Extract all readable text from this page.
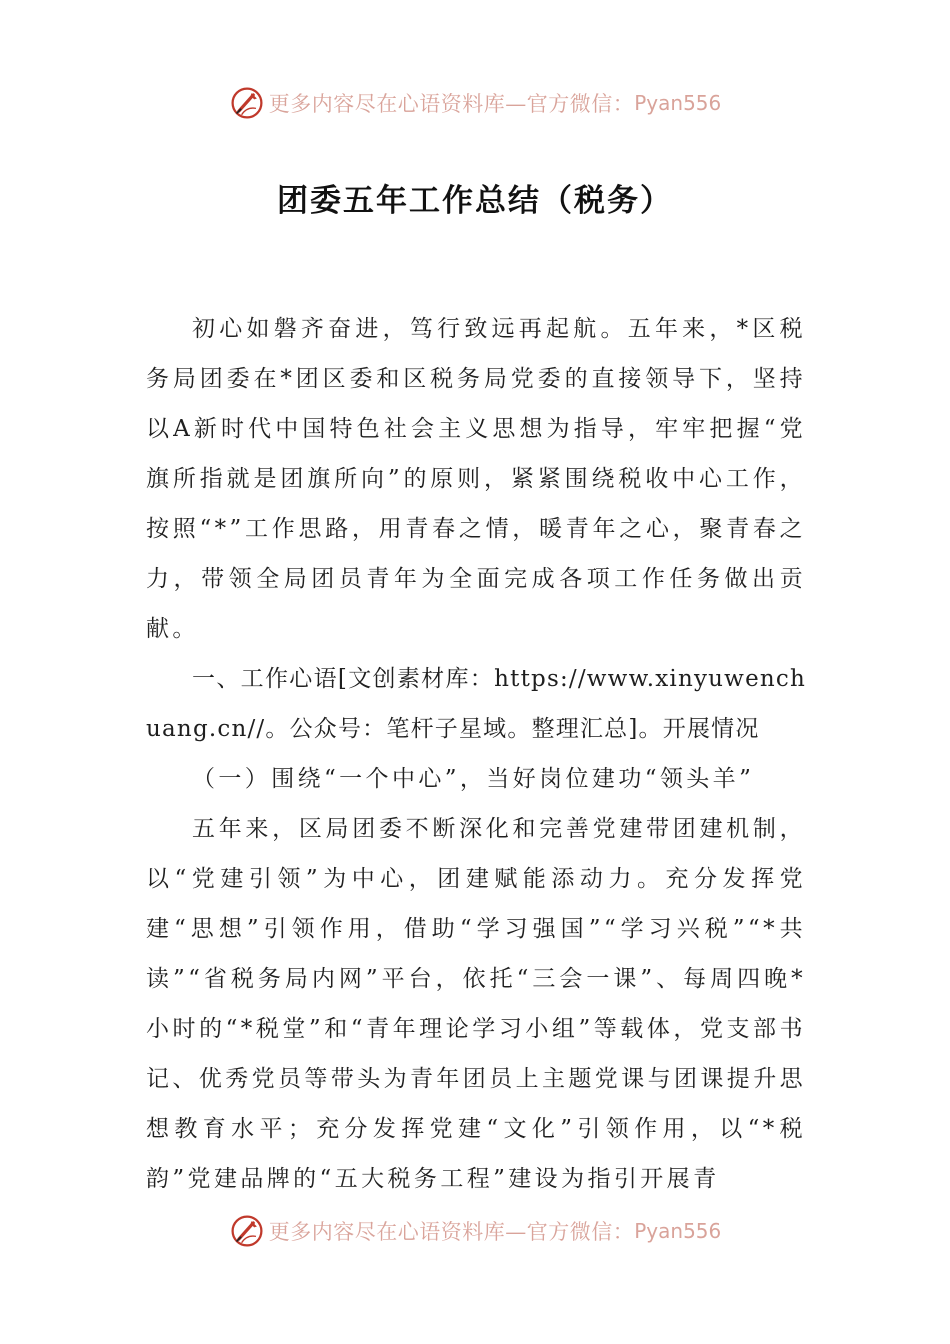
更多内容尽在心语资料库—官方微信： Pyan556
团委五年工作总结（税务）

初心如磐齐奋进，笃行致远再起航。五年来，*区税务局团委在*团区委和区税务局党委的直接领导下，坚持以A新时代中国特色社会主义思想为指导，牢牢把握“党旗所指就是团旗所向”的原则，紧紧围绕税收中心工作，按照“*”工作思路，用青春之情，暖青年之心，聚青春之力，带领全局团员青年为全面完成各项工作任务做出贡献。

一、工作心语[文创素材库：https://www.xinyuwenchuang.cn//。公众号：笔杆子星域。整理汇总]。开展情况

（一）围绕“一个中心”，当好岗位建功“领头羊”

五年来，区局团委不断深化和完善党建带团建机制，以“党建引领”为中心，团建赋能添动力。充分发挥党建“思想”引领作用，借助“学习强国”“学习兴税”“*共读”“省税务局内网”平台，依托“三会一课”、每周四晚*小时的“*税堂”和“青年理论学习小组”等载体，党支部书记、优秀党员等带头为青年团员上主题党课与团课提升思想教育水平；充分发挥党建“文化”引领作用，以“*税韵”党建品牌的“五大税务工程”建设为指引开展青

更多内容尽在心语资料库—官方微信： Pyan556
